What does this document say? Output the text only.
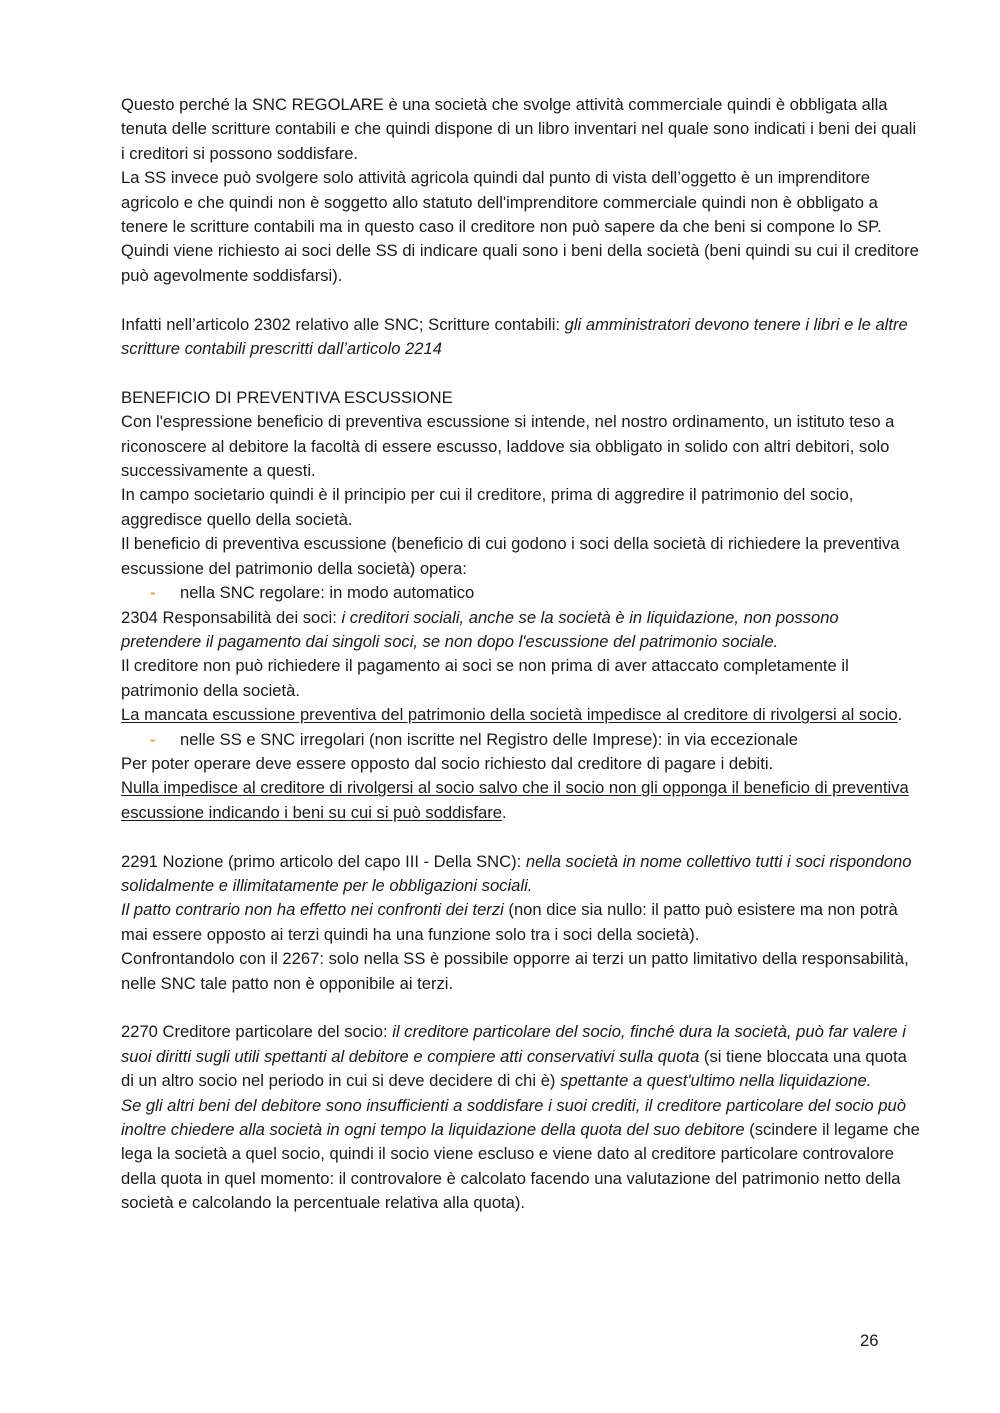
Questo perché la SNC REGOLARE è una società che svolge attività commerciale quindi è obbligata alla tenuta delle scritture contabili e che quindi dispone di un libro inventari nel quale sono indicati i beni dei quali i creditori si possono soddisfare.

La SS invece può svolgere solo attività agricola quindi dal punto di vista dell’oggetto è un imprenditore agricolo e che quindi non è soggetto allo statuto dell'imprenditore commerciale quindi non è obbligato a tenere le scritture contabili ma in questo caso il creditore non può sapere da che beni si compone lo SP. Quindi viene richiesto ai soci delle SS di indicare quali sono i beni della società (beni quindi su cui il creditore può agevolmente soddisfarsi).

Infatti nell’articolo 2302 relativo alle SNC; Scritture contabili: gli amministratori devono tenere i libri e le altre scritture contabili prescritti dall’articolo 2214

BENEFICIO DI PREVENTIVA ESCUSSIONE

Con l'espressione beneficio di preventiva escussione si intende, nel nostro ordinamento, un istituto teso a riconoscere al debitore la facoltà di essere escusso, laddove sia obbligato in solido con altri debitori, solo successivamente a questi.

In campo societario quindi è il principio per cui il creditore, prima di aggredire il patrimonio del socio, aggredisce quello della società.

Il beneficio di preventiva escussione (beneficio di cui godono i soci della società di richiedere la preventiva escussione del patrimonio della società) opera:

- nella SNC regolare: in modo automatico

2304 Responsabilità dei soci: i creditori sociali, anche se la società è in liquidazione, non possono pretendere il pagamento dai singoli soci, se non dopo l'escussione del patrimonio sociale.

Il creditore non può richiedere il pagamento ai soci se non prima di aver attaccato completamente il patrimonio della società.

La mancata escussione preventiva del patrimonio della società impedisce al creditore di rivolgersi al socio.

- nelle SS e SNC irregolari (non iscritte nel Registro delle Imprese): in via eccezionale

Per poter operare deve essere opposto dal socio richiesto dal creditore di pagare i debiti.

Nulla impedisce al creditore di rivolgersi al socio salvo che il socio non gli opponga il beneficio di preventiva escussione indicando i beni su cui si può soddisfare.

2291 Nozione (primo articolo del capo III - Della SNC): nella società in nome collettivo tutti i soci rispondono solidalmente e illimitatamente per le obbligazioni sociali.

Il patto contrario non ha effetto nei confronti dei terzi (non dice sia nullo: il patto può esistere ma non potrà mai essere opposto ai terzi quindi ha una funzione solo tra i soci della società).

Confrontandolo con il 2267: solo nella SS è possibile opporre ai terzi un patto limitativo della responsabilità, nelle SNC tale patto non è opponibile ai terzi.

2270 Creditore particolare del socio: il creditore particolare del socio, finché dura la società, può far valere i suoi diritti sugli utili spettanti al debitore e compiere atti conservativi sulla quota (si tiene bloccata una quota di un altro socio nel periodo in cui si deve decidere di chi è) spettante a quest'ultimo nella liquidazione.

Se gli altri beni del debitore sono insufficienti a soddisfare i suoi crediti, il creditore particolare del socio può inoltre chiedere alla società in ogni tempo la liquidazione della quota del suo debitore (scindere il legame che lega la società a quel socio, quindi il socio viene escluso e viene dato al creditore particolare controvalore della quota in quel momento: il controvalore è calcolato facendo una valutazione del patrimonio netto della società e calcolando la percentuale relativa alla quota).

26
